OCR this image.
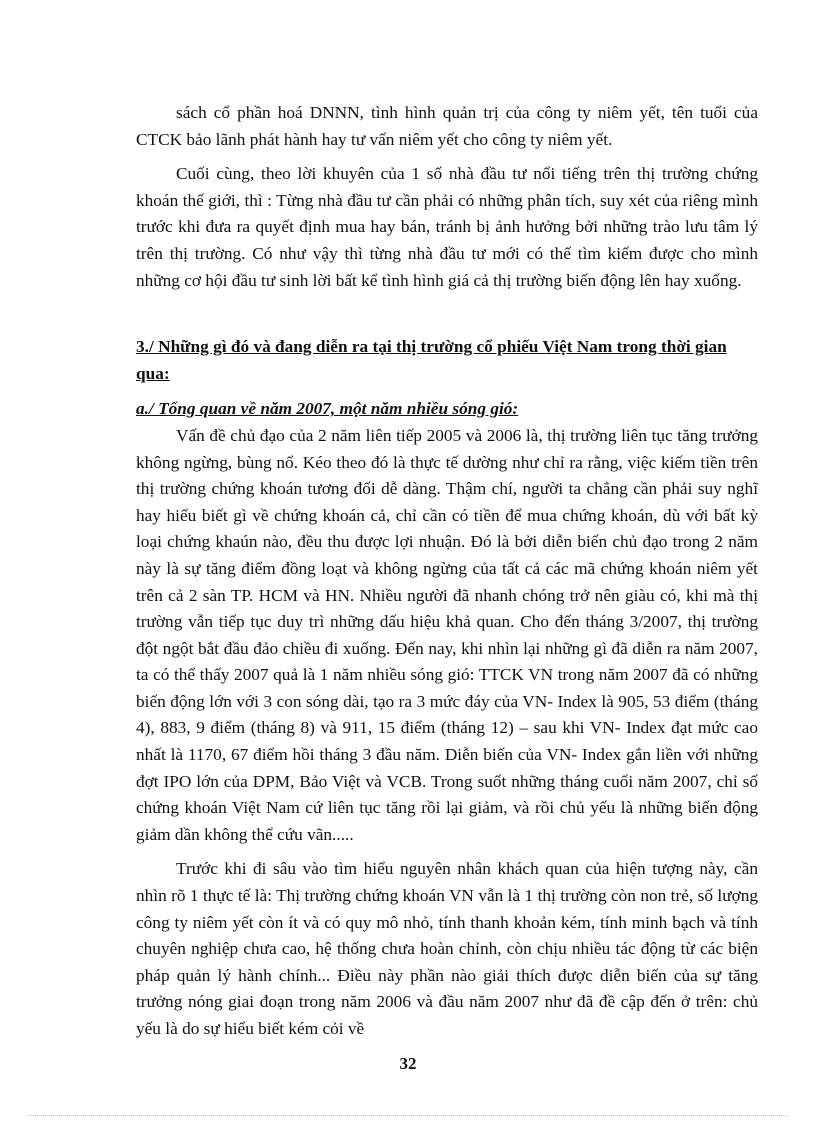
sách cổ phần hoá DNNN, tình hình quản trị của công ty niêm yết, tên tuổi của CTCK bảo lãnh phát hành hay tư vấn niêm yết cho công ty niêm yết.

Cuối cùng, theo lời khuyên của 1 số nhà đầu tư nổi tiếng trên thị trường chứng khoán thế giới, thì : Từng nhà đầu tư cần phải có những phân tích, suy xét của riêng mình trước khi đưa ra quyết định mua hay bán, tránh bị ảnh hưởng bởi những trào lưu tâm lý trên thị trường. Có như vậy thì từng nhà đầu tư mới có thể tìm kiếm được cho mình những cơ hội đầu tư sinh lời bất kể tình hình giá cả thị trường biến động lên hay xuống.

3./ Những gì đó và đang diễn ra tại thị trường cổ phiếu Việt Nam trong thời gian qua:

a./ Tổng quan về năm 2007, một năm nhiều sóng gió:

Vấn đề chủ đạo của 2 năm liên tiếp 2005 và 2006 là, thị trường liên tục tăng trưởng không ngừng, bùng nổ. Kéo theo đó là thực tế dường như chỉ ra rằng, việc kiếm tiền trên thị trường chứng khoán tương đối dễ dàng. Thậm chí, người ta chẳng cần phải suy nghĩ hay hiểu biết gì về chứng khoán cả, chỉ cần có tiền để mua chứng khoán, dù với bất kỳ loại chứng khaún nào, đều thu được lợi nhuận. Đó là bởi diễn biến chủ đạo trong 2 năm này là sự tăng điểm đồng loạt và không ngừng của tất cả các mã chứng khoán niêm yết trên cả 2 sàn TP. HCM và HN. Nhiều người đã nhanh chóng trở nên giàu có, khi mà thị trường vẫn tiếp tục duy trì những dấu hiệu khả quan. Cho đến tháng 3/2007, thị trường đột ngột bắt đầu đảo chiều đi xuống. Đến nay, khi nhìn lại những gì đã diễn ra năm 2007, ta có thể thấy 2007 quả là 1 năm nhiều sóng gió: TTCK VN trong năm 2007 đã có những biến động lớn với 3 con sóng dài, tạo ra 3 mức đáy của VN- Index là 905, 53 điểm (tháng 4), 883, 9 điểm (tháng 8) và 911, 15 điểm (tháng 12) – sau khi VN- Index đạt mức cao nhất là 1170, 67 điểm hồi tháng 3 đầu năm. Diễn biến của VN- Index gắn liền với những đợt IPO lớn của DPM, Bảo Việt và VCB. Trong suốt những tháng cuối năm 2007, chỉ số chứng khoán Việt Nam cứ liên tục tăng rồi lại giảm, và rồi chủ yếu là những biến động giảm dần không thể cứu vãn.....

Trước khi đi sâu vào tìm hiểu nguyên nhân khách quan của hiện tượng này, cần nhìn rõ 1 thực tế là: Thị trường chứng khoán VN vẫn là 1 thị trường còn non trẻ, số lượng công ty niêm yết còn ít và có quy mô nhỏ, tính thanh khoản kém, tính minh bạch và tính chuyên nghiệp chưa cao, hệ thống chưa hoàn chỉnh, còn chịu nhiều tác động từ các biện pháp quản lý hành chính... Điều này phần nào giải thích được diễn biến của sự tăng trưởng nóng giai đoạn trong năm 2006 và đầu năm 2007 như đã đề cập đến ở trên: chủ yếu là do sự hiểu biết kém cỏi về

32
